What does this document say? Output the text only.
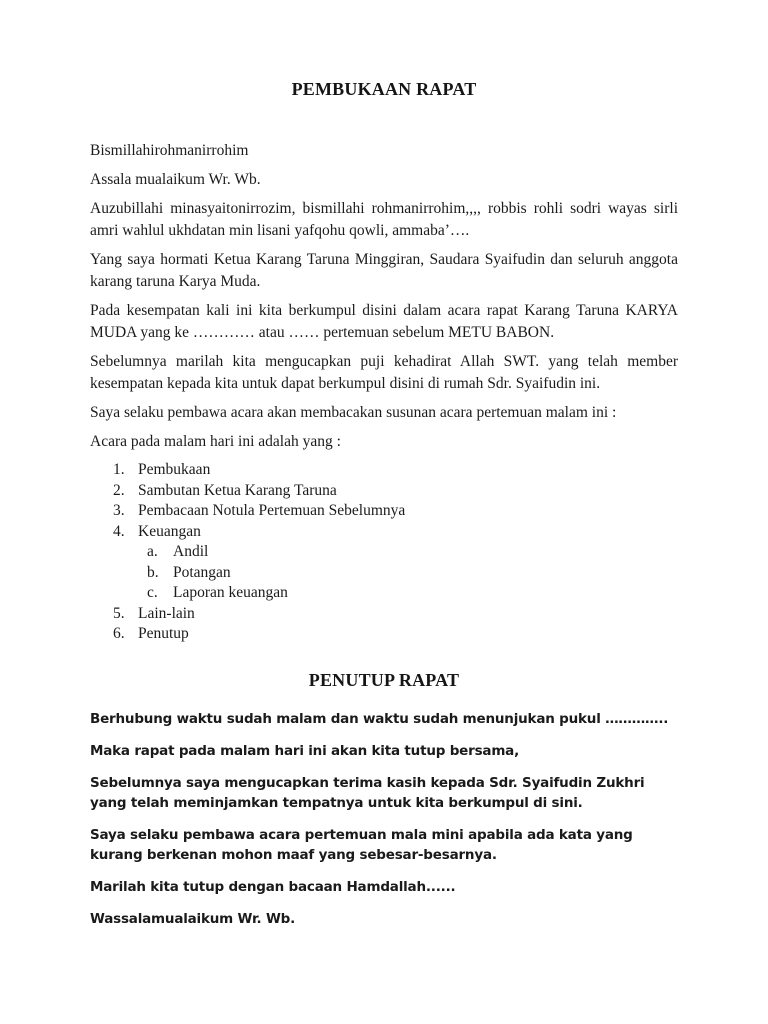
PEMBUKAAN RAPAT

Bismillahirohmanirrohim

Assala mualaikum Wr. Wb.

Auzubillahi minasyaitonirrozim, bismillahi rohmanirrohim,,,, robbis rohli sodri wayas sirli amri wahlul ukhdatan min lisani yafqohu qowli, ammaba’….

Yang saya hormati Ketua Karang Taruna Minggiran, Saudara Syaifudin dan seluruh anggota karang taruna Karya Muda.

Pada kesempatan kali ini kita berkumpul disini dalam acara rapat Karang Taruna KARYA MUDA yang ke ………… atau …… pertemuan sebelum METU BABON.

Sebelumnya marilah kita mengucapkan puji kehadirat Allah SWT. yang telah member kesempatan kepada kita untuk dapat berkumpul disini di rumah Sdr. Syaifudin ini.

Saya selaku pembawa acara akan membacakan susunan acara pertemuan malam ini :

Acara pada malam hari ini adalah yang :

1. Pembukaan
2. Sambutan Ketua Karang Taruna
3. Pembacaan Notula Pertemuan Sebelumnya
4. Keuangan
a. Andil
b. Potangan
c. Laporan keuangan
5. Lain-lain
6. Penutup
PENUTUP RAPAT

Berhubung waktu sudah malam dan waktu sudah menunjukan pukul …………..

Maka rapat pada malam hari ini akan kita tutup bersama,

Sebelumnya saya mengucapkan terima kasih kepada Sdr. Syaifudin Zukhri yang telah meminjamkan tempatnya untuk kita berkumpul di sini.

Saya selaku pembawa acara pertemuan mala mini apabila ada kata yang kurang berkenan mohon maaf yang sebesar-besarnya.

Marilah kita tutup dengan bacaan Hamdallah......

Wassalamualaikum Wr. Wb.
